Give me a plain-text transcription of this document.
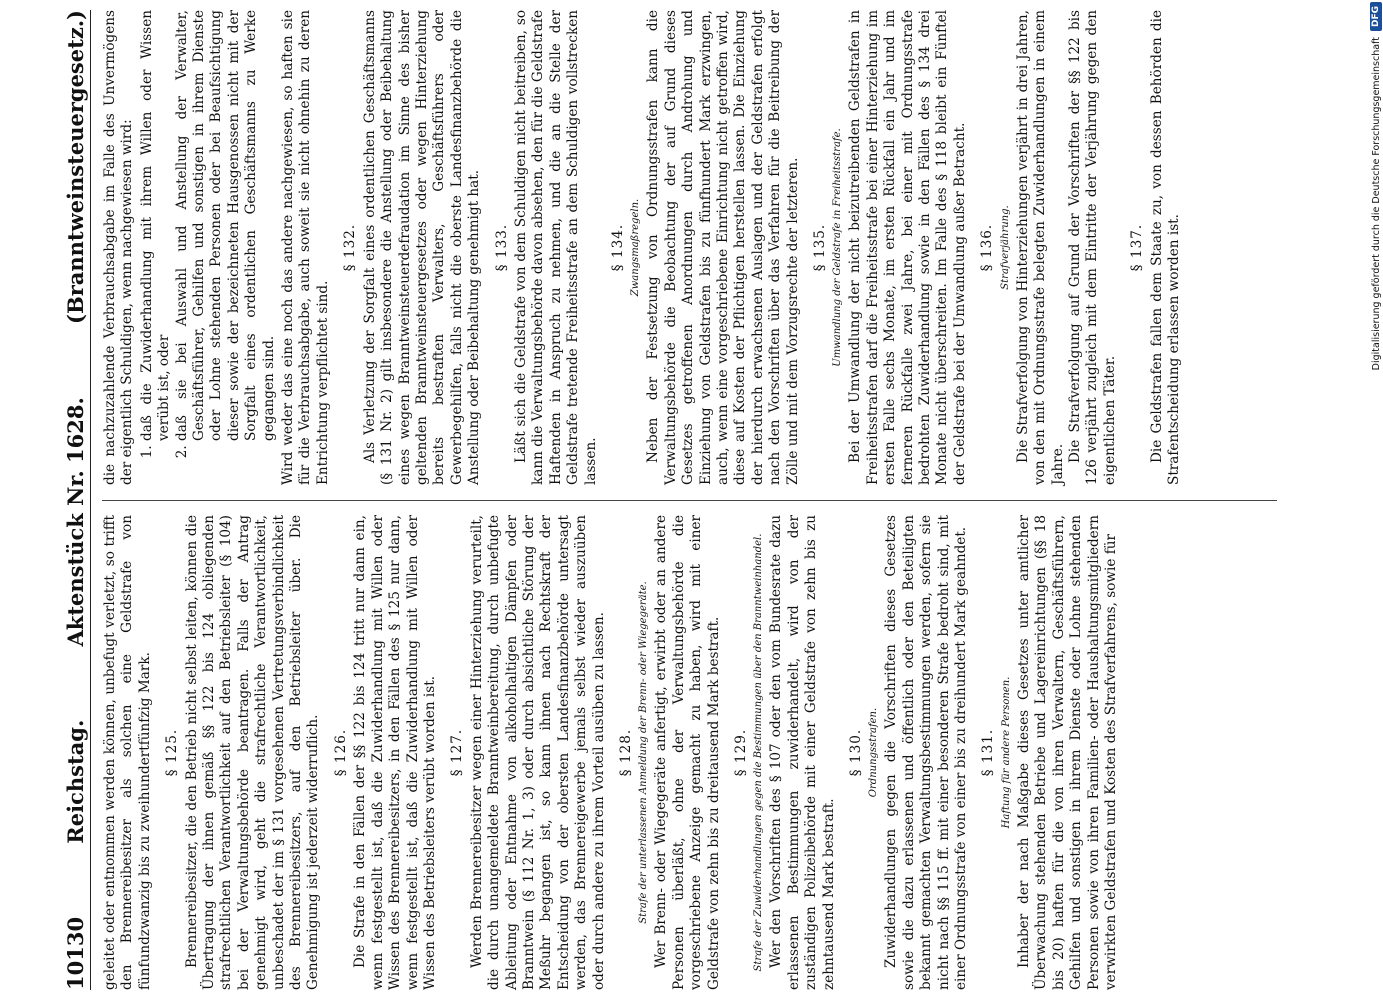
10130
Reichstag.
Aktenstück Nr. 1628.
(Branntweinsteuergesetz.)

geleitet oder entnommen werden können, unbefugt verletzt, so trifft den Brennereibesitzer als solchen eine Geldstrafe von fünfundzwanzig bis zu zweihundertfünfzig Mark. § 125. Brennereibesitzer, die den Betrieb nicht selbst leiten, können die Übertragung der ihnen gemäß §§ 122 bis 124 obliegenden strafrechtlichen Verantwortlichkeit auf den Betriebsleiter (§ 104) bei der Verwaltungsbehörde beantragen. Falls der Antrag genehmigt wird, geht die strafrechtliche Verantwortlichkeit, unbeschadet der im § 131 vorgesehenen Vertretungsverbindlichkeit des Brennereibesitzers, auf den Betriebsleiter über. Die Genehmigung ist jederzeit widerruflich. § 126. Die Strafe in den Fällen der §§ 122 bis 124 tritt nur dann ein, wenn festgestellt ist, daß die Zuwiderhandlung mit Willen oder Wissen des Brennereibesitzers, in den Fällen des § 125 nur dann, wenn festgestellt ist, daß die Zuwiderhandlung mit Willen oder Wissen des Betriebsleiters verübt worden ist. § 127. Werden Brennereibesitzer wegen einer Hinterziehung verurteilt, die durch unangemeldete Branntweinbereitung, durch unbefugte Ableitung oder Entnahme von alkoholhaltigen Dämpfen oder Branntwein (§ 112 Nr. 1, 3) oder durch absichtliche Störung der Meßuhr begangen ist, so kann ihnen nach Rechtskraft der Entscheidung von der obersten Landesfinanzbehörde untersagt werden, das Brennereigewerbe jemals selbst wieder auszuüben oder durch andere zu ihrem Vorteil ausüben zu lassen. § 128. Strafe der unterlassenen Anmeldung der Brenn- oder Wiegegeräte. Wer Brenn- oder Wiegegeräte anfertigt, erwirbt oder an andere Personen überläßt, ohne der Verwaltungsbehörde die vorgeschriebene Anzeige gemacht zu haben, wird mit einer Geldstrafe von zehn bis zu dreitausend Mark bestraft. § 129. Strafe der Zuwiderhandlungen gegen die Bestimmungen über den Branntweinhandel. Wer den Vorschriften des § 107 oder den vom Bundesrate dazu erlassenen Bestimmungen zuwiderhandelt, wird von der zuständigen Polizeibehörde mit einer Geldstrafe von zehn bis zu zehntausend Mark bestraft.

§ 130. Ordnungsstrafen. Zuwiderhandlungen gegen die Vorschriften dieses Gesetzes sowie die dazu erlassenen und öffentlich oder den Beteiligten bekannt gemachten Verwaltungsbestimmungen werden, sofern sie nicht nach §§ 115 ff. mit einer besonderen Strafe bedroht sind, mit einer Ordnungsstrafe von einer bis zu dreihundert Mark geahndet. § 131. Haftung für andere Personen. Inhaber der nach Maßgabe dieses Gesetzes unter amtlicher Überwachung stehenden Betriebe und Lagereinrichtungen (§§ 18 bis 20) haften für die von ihren Verwaltern, Geschäftsführern, Gehilfen und sonstigen in ihrem Dienste oder Lohne stehenden Personen sowie von ihren Familien- oder Haushaltungsmitgliedern verwirkten Geldstrafen und Kosten des Strafverfahrens, sowie für

die nachzuzahlende Verbrauchsabgabe im Falle des Unvermögens der eigentlich Schuldigen, wenn nachgewiesen wird: 1. daß die Zuwiderhandlung mit ihrem Willen oder Wissen verübt ist, oder 2. daß sie bei Auswahl und Anstellung der Verwalter, Geschäftsführer, Gehilfen und sonstigen in ihrem Dienste oder Lohne stehenden Personen oder bei Beaufsichtigung dieser sowie der bezeichneten Hausgenossen nicht mit der Sorgfalt eines ordentlichen Geschäftsmanns zu Werke gegangen sind. Wird weder das eine noch das andere nachgewiesen, so haften sie für die Verbrauchsabgabe, auch soweit sie nicht ohnehin zu deren Entrichtung verpflichtet sind.

§ 132. Als Verletzung der Sorgfalt eines ordentlichen Geschäftsmanns (§ 131 Nr. 2) gilt insbesondere die Anstellung oder Beibehaltung eines wegen Branntweinsteuerdefraudation im Sinne des bisher geltenden Branntweinsteuergesetzes oder wegen Hinterziehung bereits bestraften Verwalters, Geschäftsführers oder Gewerbegehilfen, falls nicht die oberste Landesfinanzbehörde die Anstellung oder Beibehaltung genehmigt hat. § 133. Läßt sich die Geldstrafe von dem Schuldigen nicht beitreiben, so kann die Verwaltungsbehörde davon absehen, den für die Geldstrafe Haftenden in Anspruch zu nehmen, und die an die Stelle der Geldstrafe tretende Freiheitsstrafe an dem Schuldigen vollstrecken lassen.

§ 134. Zwangsmaßregeln. Neben der Festsetzung von Ordnungsstrafen kann die Verwaltungsbehörde die Beobachtung der auf Grund dieses Gesetzes getroffenen Anordnungen durch Androhung und Einziehung von Geldstrafen bis zu fünfhundert Mark erzwingen, auch, wenn eine vorgeschriebene Einrichtung nicht getroffen wird, diese auf Kosten der Pflichtigen herstellen lassen. Die Einziehung der hierdurch erwachsenen Auslagen und der Geldstrafen erfolgt nach den Vorschriften über das Verfahren für die Beitreibung der Zölle und mit dem Vorzugsrechte der letzteren. § 135. Umwandlung der Geldstrafe in Freiheitsstrafe. Bei der Umwandlung der nicht beizutreibenden Geldstrafen in Freiheitsstrafen darf die Freiheitsstrafe bei einer Hinterziehung im ersten Falle sechs Monate, im ersten Rückfall ein Jahr und im ferneren Rückfalle zwei Jahre, bei einer mit Ordnungsstrafe bedrohten Zuwiderhandlung sowie in den Fällen des § 134 drei Monate nicht überschreiten. Im Falle des § 118 bleibt ein Fünftel der Geldstrafe bei der Umwandlung außer Betracht. § 136. Strafverjährung. Die Strafverfolgung von Hinterziehungen verjährt in drei Jahren, von den mit Ordnungsstrafe belegten Zuwiderhandlungen in einem Jahre.

Die Strafverfolgung auf Grund der Vorschriften der §§ 122 bis 126 verjährt zugleich mit dem Eintritte der Verjährung gegen den eigentlichen Täter.

§ 137. Die Geldstrafen fallen dem Staate zu, von dessen Behörden die Strafentscheidung erlassen worden ist.	Digitalisierung gefördert durch die Deutsche Forschungsgemeinschaft
DFG
